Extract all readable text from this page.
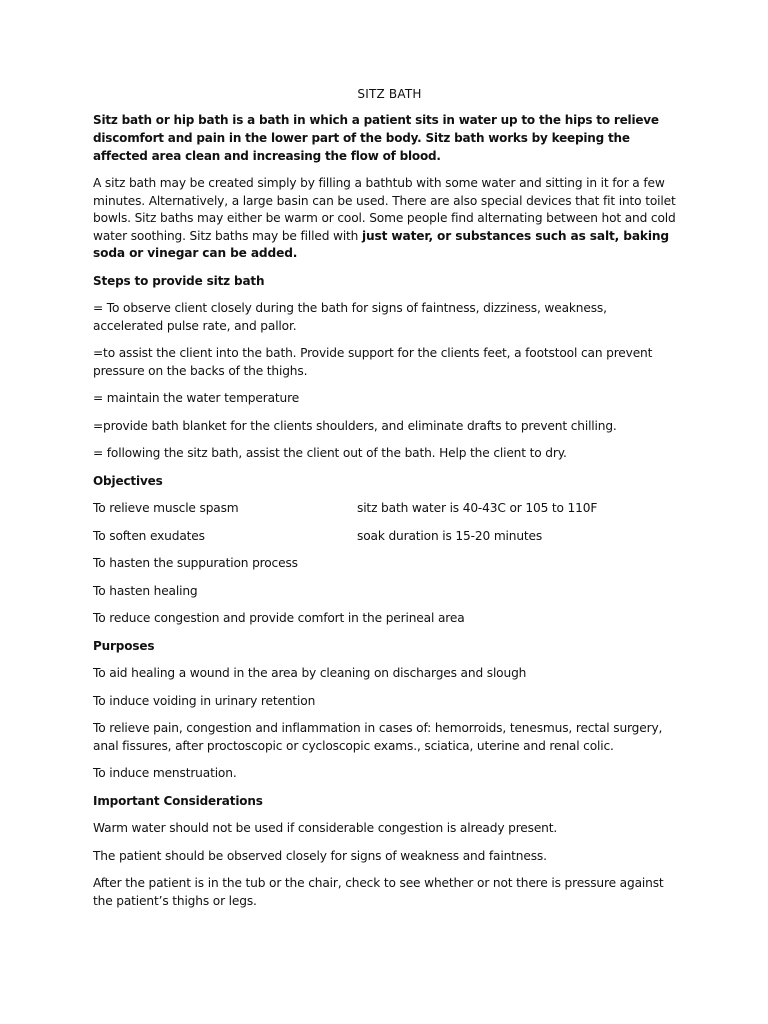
SITZ BATH

Sitz bath or hip bath is a bath in which a patient sits in water up to the hips to relieve discomfort and pain in the lower part of the body. Sitz bath works by keeping the affected area clean and increasing the flow of blood.

A sitz bath may be created simply by filling a bathtub with some water and sitting in it for a few minutes. Alternatively, a large basin can be used. There are also special devices that fit into toilet bowls. Sitz baths may either be warm or cool. Some people find alternating between hot and cold water soothing. Sitz baths may be filled with just water, or substances such as salt, baking soda or vinegar can be added.

Steps to provide sitz bath

= To observe client closely during the bath for signs of faintness, dizziness, weakness, accelerated pulse rate, and pallor.

=to assist the client into the bath. Provide support for the clients feet, a footstool can prevent pressure on the backs of the thighs.

= maintain the water temperature

=provide bath blanket for the clients shoulders, and eliminate drafts to prevent chilling.

= following the sitz bath, assist the client out of the bath. Help the client to dry.

Objectives

To relieve muscle spasm	sitz bath water is 40-43C or 105 to 110F
To soften exudates	soak duration is 15-20 minutes

To hasten the suppuration process

To hasten healing

To reduce congestion and provide comfort in the perineal area

Purposes

To aid healing a wound in the area by cleaning on discharges and slough

To induce voiding in urinary retention

To relieve pain, congestion and inflammation in cases of: hemorroids, tenesmus, rectal surgery, anal fissures, after proctoscopic or cycloscopic exams., sciatica, uterine and renal colic.

To induce menstruation.

Important Considerations

Warm water should not be used if considerable congestion is already present.

The patient should be observed closely for signs of weakness and faintness.

After the patient is in the tub or the chair, check to see whether or not there is pressure against the patient’s thighs or legs.
